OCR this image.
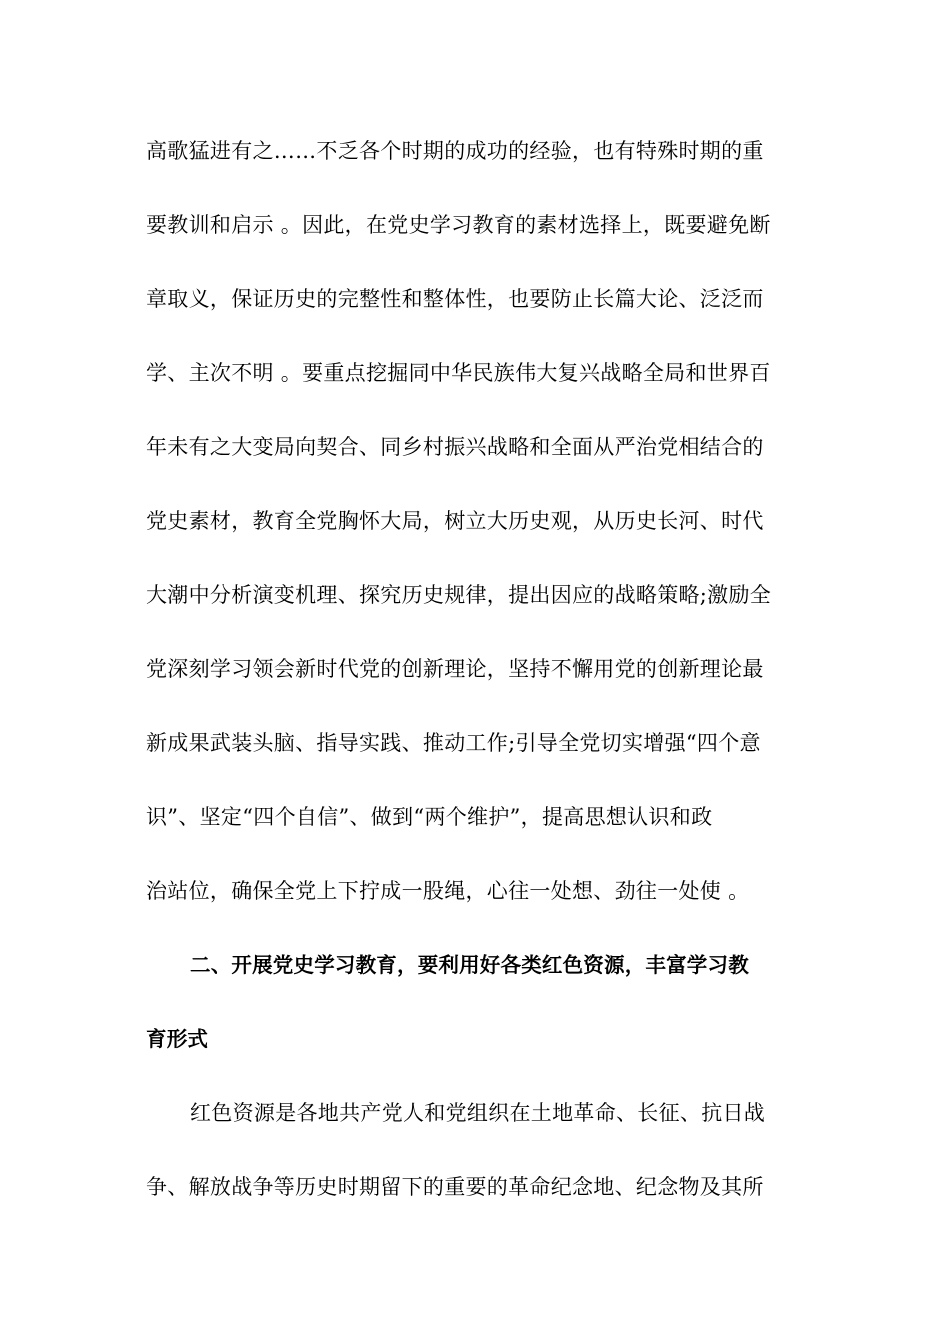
高歌猛进有之……不乏各个时期的成功的经验，也有特殊时期的重
要教训和启示 。因此，在党史学习教育的素材选择上，既要避免断
章取义，保证历史的完整性和整体性，也要防止长篇大论、泛泛而
学、主次不明 。要重点挖掘同中华民族伟大复兴战略全局和世界百
年未有之大变局向契合、同乡村振兴战略和全面从严治党相结合的
党史素材，教育全党胸怀大局，树立大历史观，从历史长河、时代
大潮中分析演变机理、探究历史规律，提出因应的战略策略;激励全
党深刻学习领会新时代党的创新理论，坚持不懈用党的创新理论最
新成果武装头脑、指导实践、推动工作;引导全党切实增强“四个意
识”、坚定“四个自信”、做到“两个维护”，提高思想认识和政
治站位，确保全党上下拧成一股绳，心往一处想、劲往一处使 。
二、开展党史学习教育，要利用好各类红色资源，丰富学习教
育形式
红色资源是各地共产党人和党组织在土地革命、长征、抗日战
争、解放战争等历史时期留下的重要的革命纪念地、纪念物及其所
